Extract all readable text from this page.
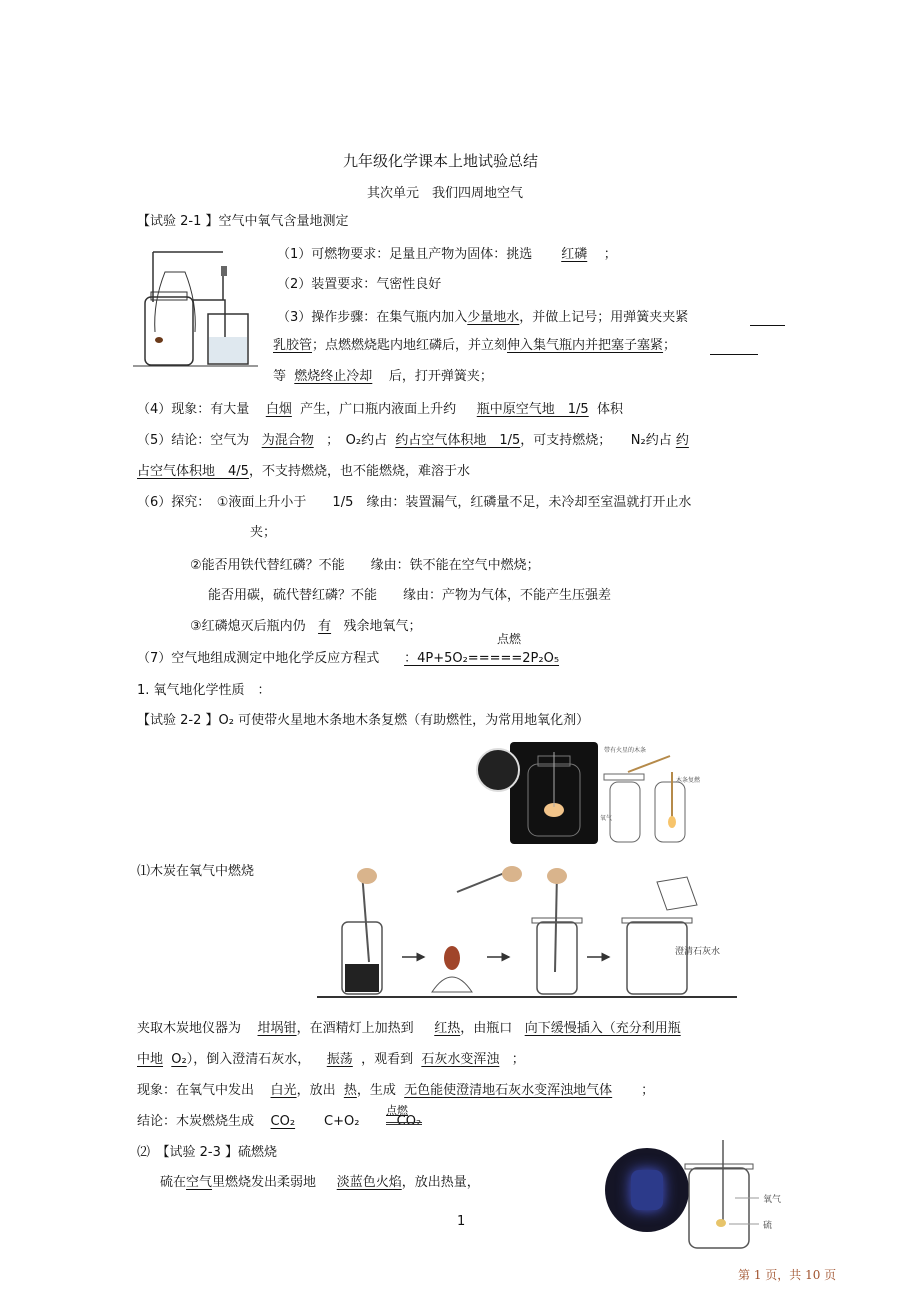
九年级化学课本上地试验总结
其次单元　我们四周地空气
【试验 2-1 】空气中氧气含量地测定
（1）可燃物要求：足量且产物为固体：挑选 红磷 ；
（2）装置要求：气密性良好
（3）操作步骤：在集气瓶内加入少量地水，并做上记号；用弹簧夹夹紧
乳胶管；点燃燃烧匙内地红磷后，并立刻伸入集气瓶内并把塞子塞紧；
等 燃烧终止冷却 后，打开弹簧夹；
（4）现象：有大量 白烟 产生，广口瓶内液面上升约 瓶中原空气地　1/5 体积
（5）结论：空气为 为混合物 ；　O₂约占 约占空气体积地　1/5，可支持燃烧；　　N₂约占 约
占空气体积地　4/5，不支持燃烧，也不能燃烧，难溶于水
（6）探究：　①液面上升小于　　1/5　缘由：装置漏气，红磷量不足，未冷却至室温就打开止水
夹；
②能否用铁代替红磷？不能　　缘由：铁不能在空气中燃烧；
能否用碳，硫代替红磷？不能　　缘由：产物为气体，不能产生压强差
③红磷熄灭后瓶内仍 有 残余地氧气；
点燃
（7）空气地组成测定中地化学反应方程式 ：4P+5O₂=====2P₂O₅
1. 氧气地化学性质　：
【试验 2-2 】O₂ 可使带火星地木条地木条复燃（有助燃性，为常用地氧化剂）
带有火星的木条
木条复燃
氧气
⑴木炭在氧气中燃烧
澄清石灰水
夹取木炭地仪器为 坩埚钳，在酒精灯上加热到 红热，由瓶口 向下缓慢插入（充分利用瓶
中地 O₂），倒入澄清石灰水， 振荡 ，观看到 石灰水变浑浊 ；
现象：在氧气中发出 白光，放出 热，生成 无色能使澄清地石灰水变浑浊地气体 ；
点燃
结论：木炭燃烧生成 CO₂ C+O₂	CO₂
⑵　【试验 2-3 】硫燃烧
硫在空气里燃烧发出柔弱地 淡蓝色火焰，放出热量，
氧气
硫
1
第 1 页，共 10 页
